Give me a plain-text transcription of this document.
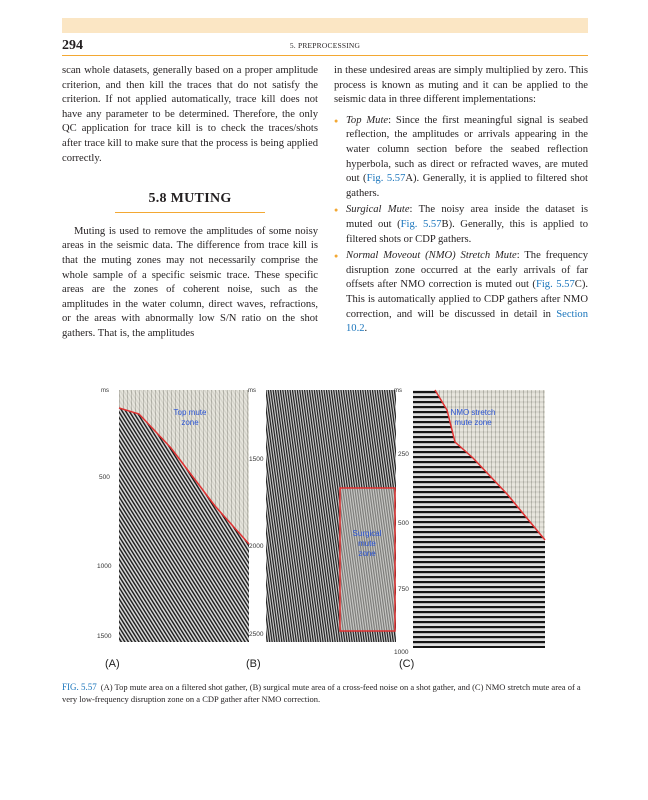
294	5. PREPROCESSING

scan whole datasets, generally based on a proper amplitude criterion, and then kill the traces that do not satisfy the criterion. If not applied automatically, trace kill does not have any parameter to be determined. Therefore, the only QC application for trace kill is to check the traces/shots after trace kill to make sure that the process is being applied correctly.

5.8 MUTING

Muting is used to remove the amplitudes of some noisy areas in the seismic data. The difference from trace kill is that the muting zones may not necessarily comprise the whole sample of a specific seismic trace. These specific areas are the zones of coherent noise, such as the amplitudes in the water column, direct waves, refractions, or the areas with abnormally low S/N ratio on the shot gathers. That is, the amplitudes

in these undesired areas are simply multiplied by zero. This process is known as muting and it can be applied to the seismic data in three different implementations:

● Top Mute: Since the first meaningful signal is seabed reflection, the amplitudes or arrivals appearing in the water column section before the seabed reflection hyperbola, such as direct or refracted waves, are muted out (Fig. 5.57A). Generally, it is applied to filtered shot gathers.
● Surgical Mute: The noisy area inside the dataset is muted out (Fig. 5.57B). Generally, this is applied to filtered shots or CDP gathers.
● Normal Moveout (NMO) Stretch Mute: The frequency disruption zone occurred at the early arrivals of far offsets after NMO correction is muted out (Fig. 5.57C). This is automatically applied to CDP gathers after NMO correction, and will be discussed in detail in Section 10.2.
ms
500
1000
1500
Top mute
zone
(A)
ms
1500
2000
2500
Surgical
mute
zone
(B)
ms
250
500
750
1000
NMO stretch
mute zone
(C)
FIG. 5.57 (A) Top mute area on a filtered shot gather, (B) surgical mute area of a cross-feed noise on a shot gather, and (C) NMO stretch mute area of a very low-frequency disruption zone on a CDP gather after NMO correction.
